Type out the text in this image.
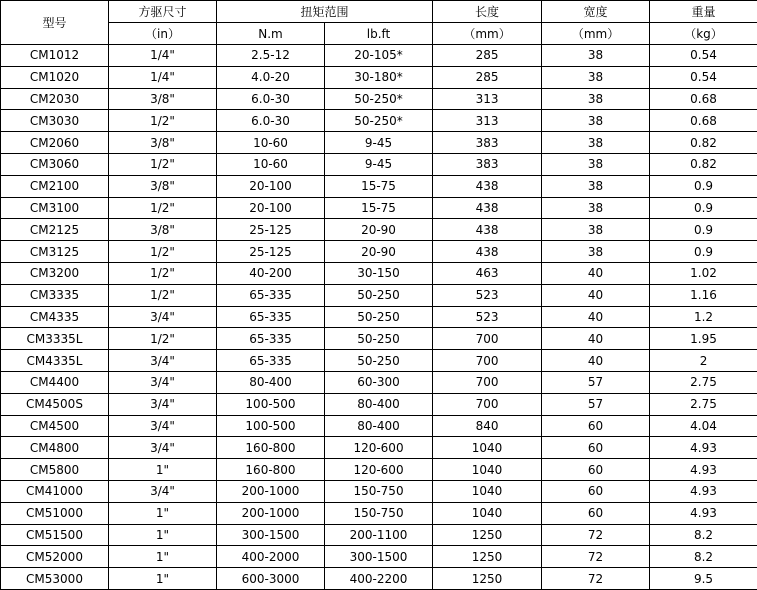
型号	方驱尺寸	扭矩范围		长度	宽度	重量
	（in）	N.m	lb.ft	（mm）	（mm）	（kg）
CM1012	1/4"	2.5-12	20-105*	285	38	0.54
CM1020	1/4"	4.0-20	30-180*	285	38	0.54
CM2030	3/8"	6.0-30	50-250*	313	38	0.68
CM3030	1/2"	6.0-30	50-250*	313	38	0.68
CM2060	3/8"	10-60	9-45	383	38	0.82
CM3060	1/2"	10-60	9-45	383	38	0.82
CM2100	3/8"	20-100	15-75	438	38	0.9
CM3100	1/2"	20-100	15-75	438	38	0.9
CM2125	3/8"	25-125	20-90	438	38	0.9
CM3125	1/2"	25-125	20-90	438	38	0.9
CM3200	1/2"	40-200	30-150	463	40	1.02
CM3335	1/2"	65-335	50-250	523	40	1.16
CM4335	3/4"	65-335	50-250	523	40	1.2
CM3335L	1/2"	65-335	50-250	700	40	1.95
CM4335L	3/4"	65-335	50-250	700	40	2
CM4400	3/4"	80-400	60-300	700	57	2.75
CM4500S	3/4"	100-500	80-400	700	57	2.75
CM4500	3/4"	100-500	80-400	840	60	4.04
CM4800	3/4"	160-800	120-600	1040	60	4.93
CM5800	1"	160-800	120-600	1040	60	4.93
CM41000	3/4"	200-1000	150-750	1040	60	4.93
CM51000	1"	200-1000	150-750	1040	60	4.93
CM51500	1"	300-1500	200-1100	1250	72	8.2
CM52000	1"	400-2000	300-1500	1250	72	8.2
CM53000	1"	600-3000	400-2200	1250	72	9.5
